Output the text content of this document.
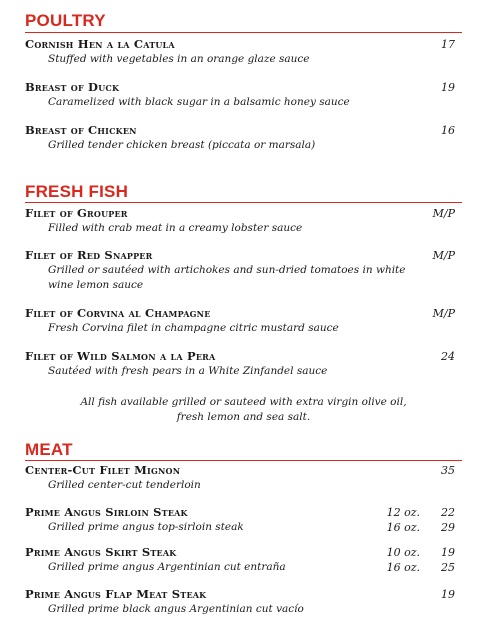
POULTRY
Cornish Hen a la Catula
Stuffed with vegetables in an orange glaze sauce
17
Breast of Duck
Caramelized with black sugar in a balsamic honey sauce
19
Breast of Chicken
Grilled tender chicken breast (piccata or marsala)
16
FRESH FISH
Filet of Grouper
Filled with crab meat in a creamy lobster sauce
M/P
Filet of Red Snapper
Grilled or sautéed with artichokes and sun-dried tomatoes in white wine lemon sauce
M/P
Filet of Corvina al Champagne
Fresh Corvina filet in champagne citric mustard sauce
M/P
Filet of Wild Salmon a la Pera
Sautéed with fresh pears in a White Zinfandel sauce
24
All fish available grilled or sauteed with extra virgin olive oil,
fresh lemon and sea salt.
MEAT
Center-Cut Filet Mignon
Grilled center-cut tenderloin
35
Prime Angus Sirloin Steak
Grilled prime angus top-sirloin steak
12 oz.	22
16 oz.	29
Prime Angus Skirt Steak
Grilled prime angus Argentinian cut entraña
10 oz.	19
16 oz.	25
Prime Angus Flap Meat Steak
Grilled prime black angus Argentinian cut vacío
19
